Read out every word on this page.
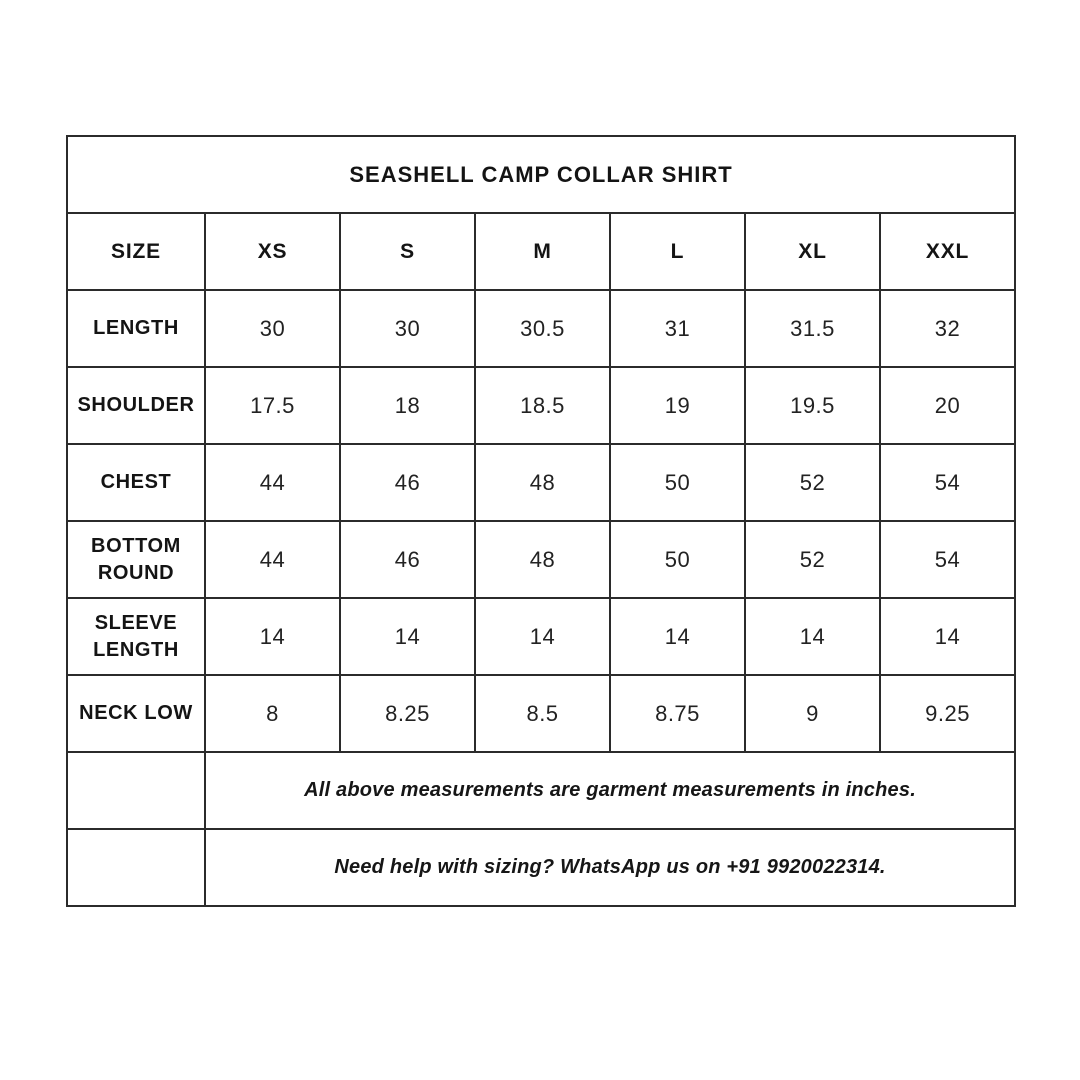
SEASHELL CAMP COLLAR SHIRT						
SIZE	XS	S	M	L	XL	XXL
LENGTH	30	30	30.5	31	31.5	32
SHOULDER	17.5	18	18.5	19	19.5	20
CHEST	44	46	48	50	52	54
BOTTOM ROUND	44	46	48	50	52	54
SLEEVE LENGTH	14	14	14	14	14	14
NECK LOW	8	8.25	8.5	8.75	9	9.25
	All above measurements are garment measurements in inches.					
	Need help with sizing? WhatsApp us on +91 9920022314.					
